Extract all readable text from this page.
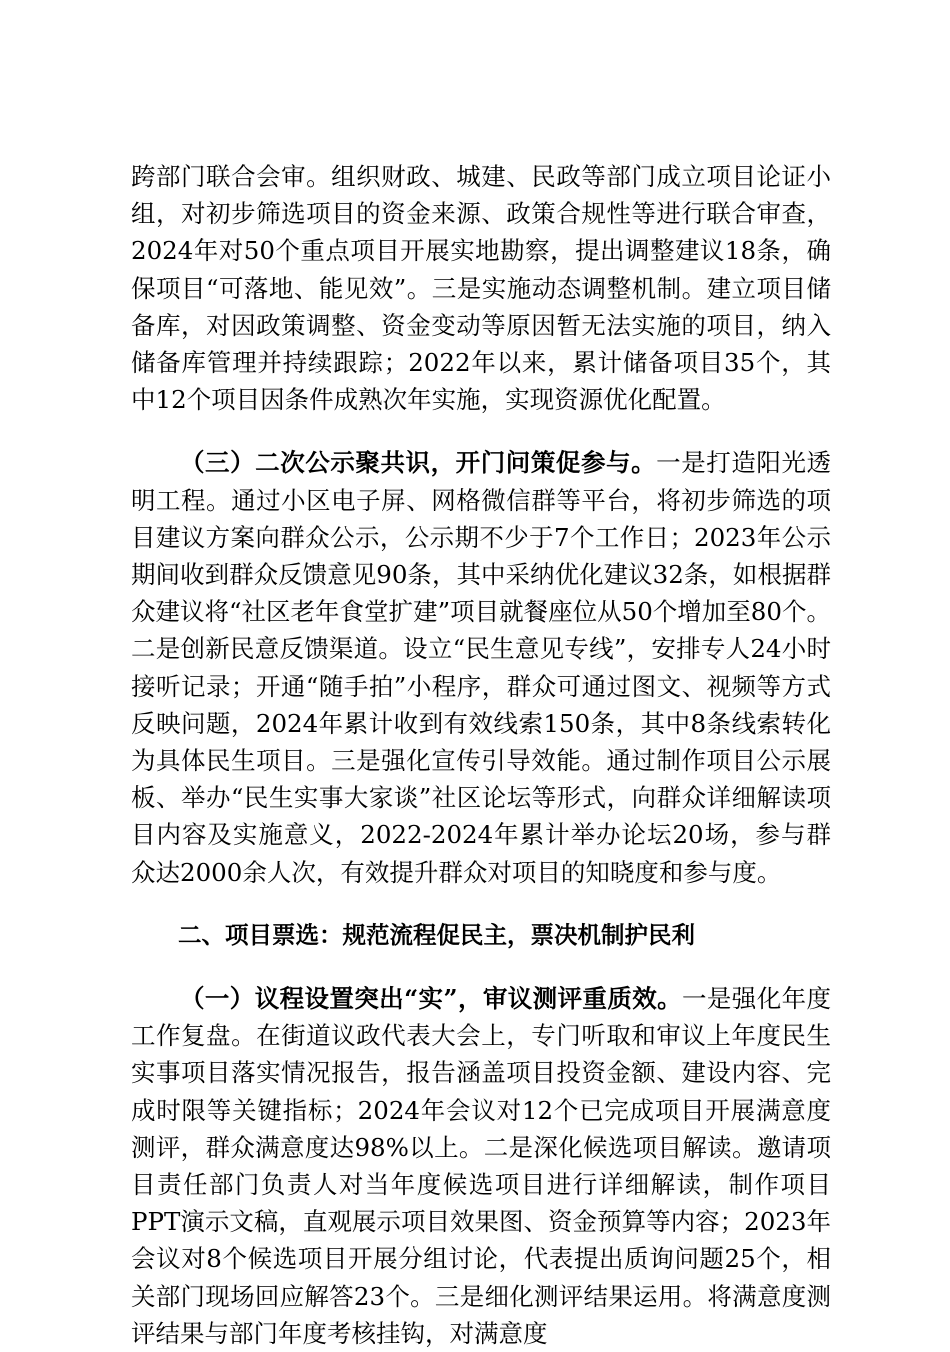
跨部门联合会审。组织财政、城建、民政等部门成立项目论证小组，对初步筛选项目的资金来源、政策合规性等进行联合审查，2024年对50个重点项目开展实地勘察，提出调整建议18条，确保项目“可落地、能见效”。三是实施动态调整机制。建立项目储备库，对因政策调整、资金变动等原因暂无法实施的项目，纳入储备库管理并持续跟踪；2022年以来，累计储备项目35个，其中12个项目因条件成熟次年实施，实现资源优化配置。

（三）二次公示聚共识，开门问策促参与。一是打造阳光透明工程。通过小区电子屏、网格微信群等平台，将初步筛选的项目建议方案向群众公示，公示期不少于7个工作日；2023年公示期间收到群众反馈意见90条，其中采纳优化建议32条，如根据群众建议将“社区老年食堂扩建”项目就餐座位从50个增加至80个。二是创新民意反馈渠道。设立“民生意见专线”，安排专人24小时接听记录；开通“随手拍”小程序，群众可通过图文、视频等方式反映问题，2024年累计收到有效线索150条，其中8条线索转化为具体民生项目。三是强化宣传引导效能。通过制作项目公示展板、举办“民生实事大家谈”社区论坛等形式，向群众详细解读项目内容及实施意义，2022-2024年累计举办论坛20场，参与群众达2000余人次，有效提升群众对项目的知晓度和参与度。

二、项目票选：规范流程促民主，票决机制护民利

（一）议程设置突出“实”，审议测评重质效。一是强化年度工作复盘。在街道议政代表大会上，专门听取和审议上年度民生实事项目落实情况报告，报告涵盖项目投资金额、建设内容、完成时限等关键指标；2024年会议对12个已完成项目开展满意度测评，群众满意度达98%以上。二是深化候选项目解读。邀请项目责任部门负责人对当年度候选项目进行详细解读，制作项目PPT演示文稿，直观展示项目效果图、资金预算等内容；2023年会议对8个候选项目开展分组讨论，代表提出质询问题25个，相关部门现场回应解答23个。三是细化测评结果运用。将满意度测评结果与部门年度考核挂钩，对满意度
